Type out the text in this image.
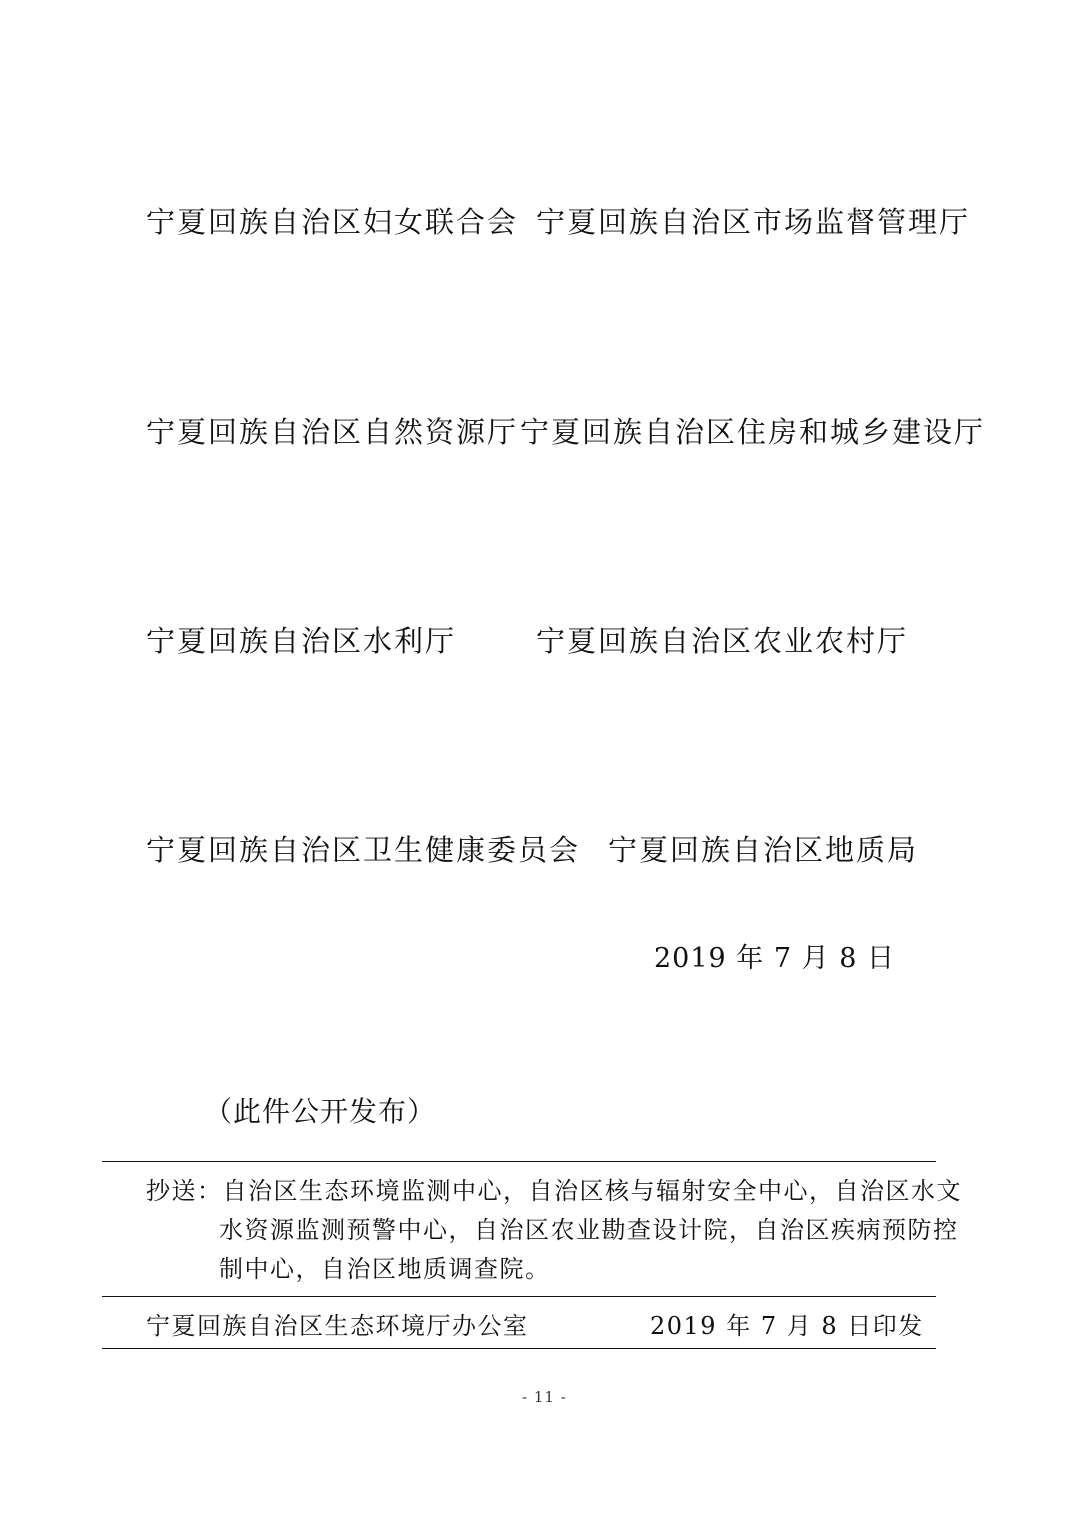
宁夏回族自治区妇女联合会 宁夏回族自治区市场监督管理厅
宁夏回族自治区自然资源厅 宁夏回族自治区住房和城乡建设厅
宁夏回族自治区水利厅	宁夏回族自治区农业农村厅
宁夏回族自治区卫生健康委员会 宁夏回族自治区地质局
2019 年 7 月 8 日
（此件公开发布）
抄送：自治区生态环境监测中心，自治区核与辐射安全中心，自治区水文
水资源监测预警中心，自治区农业勘查设计院，自治区疾病预防控
制中心，自治区地质调查院。
宁夏回族自治区生态环境厅办公室	2019 年 7 月 8 日印发
- 11 -
